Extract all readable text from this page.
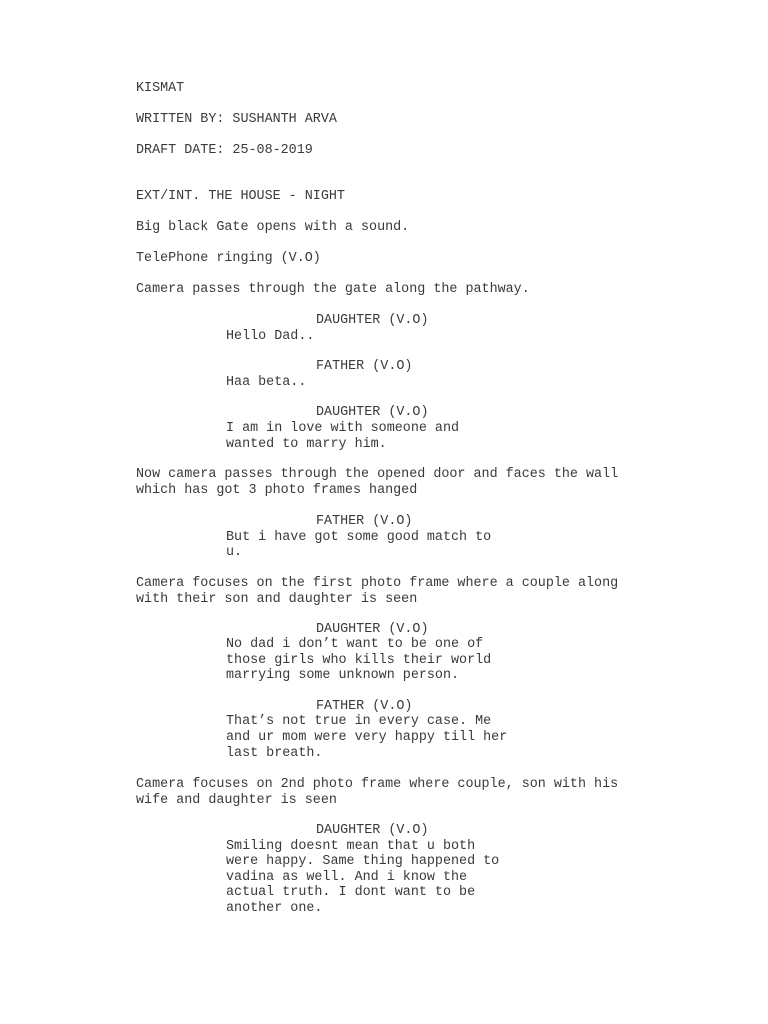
KISMAT
WRITTEN BY: SUSHANTH ARVA
DRAFT DATE: 25-08-2019
EXT/INT. THE HOUSE - NIGHT
Big black Gate opens with a sound.
TelePhone ringing (V.O)
Camera passes through the gate along the pathway.
DAUGHTER (V.O)
Hello Dad..
FATHER (V.O)
Haa beta..
DAUGHTER (V.O)
I am in love with someone and
wanted to marry him.
Now camera passes through the opened door and faces the wall
which has got 3 photo frames hanged
FATHER (V.O)
But i have got some good match to
u.
Camera focuses on the first photo frame where a couple along
with their son and daughter is seen
DAUGHTER (V.O)
No dad i don’t want to be one of
those girls who kills their world
marrying some unknown person.
FATHER (V.O)
That’s not true in every case. Me
and ur mom were very happy till her
last breath.
Camera focuses on 2nd photo frame where couple, son with his
wife and daughter is seen
DAUGHTER (V.O)
Smiling doesnt mean that u both
were happy. Same thing happened to
vadina as well. And i know the
actual truth. I dont want to be
another one.
